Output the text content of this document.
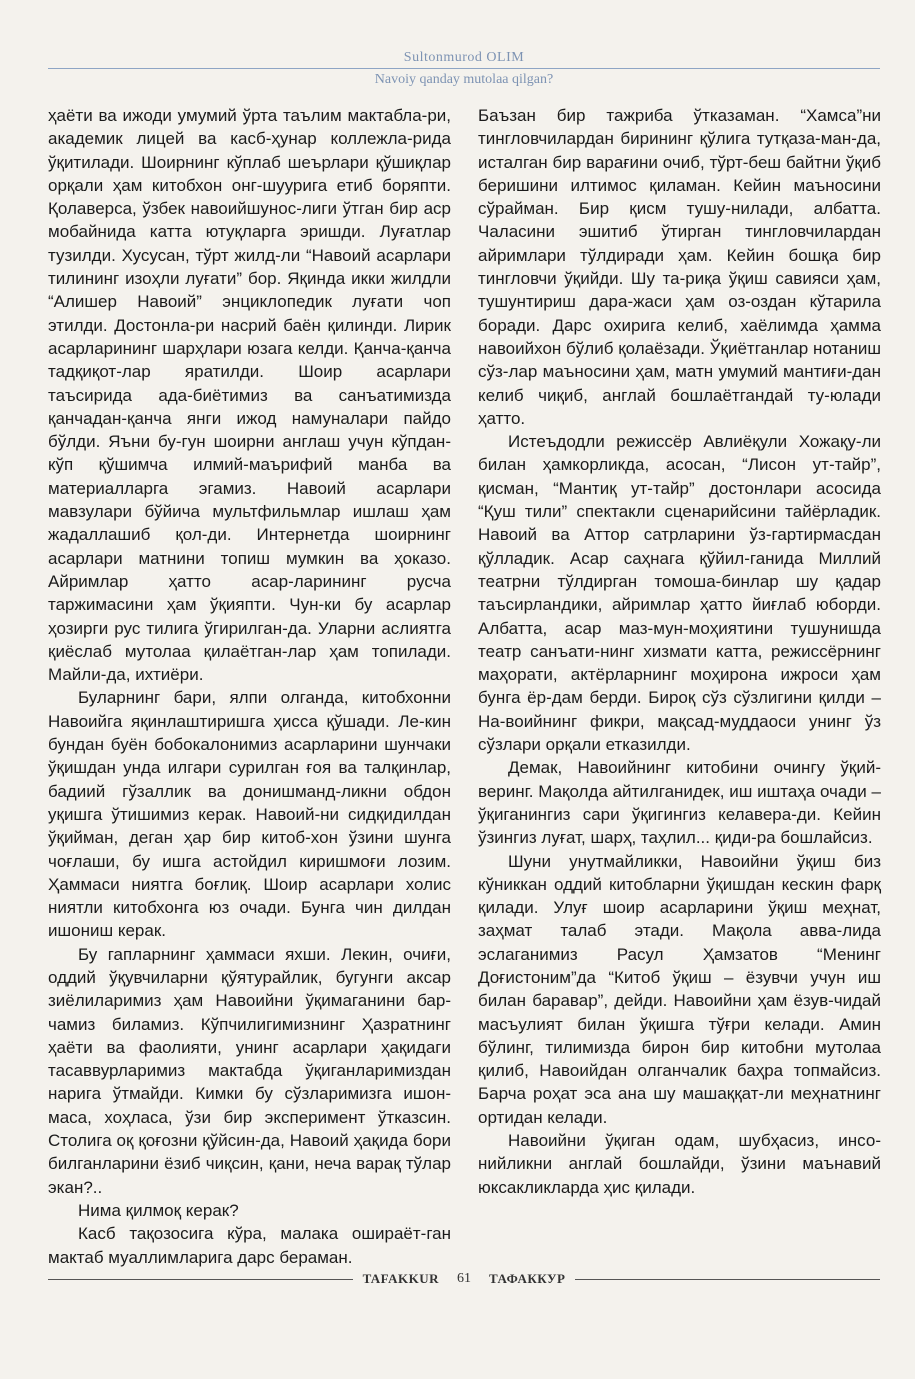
Sultonmurod OLIM
Navoiy qanday mutolaa qilgan?

ҳаёти ва ижоди умумий ўрта таълим мактабла-ри, академик лицей ва касб-ҳунар коллежла-рида ўқитилади. Шоирнинг кўплаб шеърлари қўшиқлар орқали ҳам китобхон онг-шуурига етиб боряпти. Қолаверса, ўзбек навоийшунос-лиги ўтган бир аср мобайнида катта ютуқларга эришди. Луғатлар тузилди. Хусусан, тўрт жилд-ли “Навоий асарлари тилининг изоҳли луғати” бор. Яқинда икки жилдли “Алишер Навоий” энциклопедик луғати чоп этилди. Достонла-ри насрий баён қилинди. Лирик асарларининг шарҳлари юзага келди. Қанча-қанча тадқиқот-лар яратилди. Шоир асарлари таъсирида ада-биётимиз ва санъатимизда қанчадан-қанча янги ижод намуналари пайдо бўлди. Яъни бу-гун шоирни англаш учун кўпдан-кўп қўшимча илмий-маърифий манба ва материалларга эгамиз. Навоий асарлари мавзулари бўйича мультфильмлар ишлаш ҳам жадаллашиб қол-ди. Интернетда шоирнинг асарлари матнини топиш мумкин ва ҳоказо. Айримлар ҳатто асар-ларининг русча таржимасини ҳам ўқияпти. Чун-ки бу асарлар ҳозирги рус тилига ўгирилган-да. Уларни аслиятга қиёслаб мутолаа қилаётган-лар ҳам топилади. Майли-да, ихтиёри.

Буларнинг бари, ялпи олганда, китобхонни Навоийга яқинлаштиришга ҳисса қўшади. Ле-кин бундан буён бобокалонимиз асарларини шунчаки ўқишдан унда илгари сурилган ғоя ва талқинлар, бадиий гўзаллик ва донишманд-ликни обдон уқишга ўтишимиз керак. Навоий-ни сидқидилдан ўқийман, деган ҳар бир китоб-хон ўзини шунга чоғлаши, бу ишга астойдил киришмоғи лозим. Ҳаммаси ниятга боғлиқ. Шоир асарлари холис ниятли китобхонга юз очади. Бунга чин дилдан ишониш керак.

Бу гапларнинг ҳаммаси яхши. Лекин, очиғи, оддий ўқувчиларни қўятурайлик, бугунги аксар зиёлиларимиз ҳам Навоийни ўқимаганини бар-чамиз биламиз. Кўпчилигимизнинг Ҳазратнинг ҳаёти ва фаолияти, унинг асарлари ҳақидаги тасаввурларимиз мактабда ўқиганларимиздан нарига ўтмайди. Кимки бу сўзларимизга ишон-маса, хоҳласа, ўзи бир эксперимент ўтказсин. Столига оқ қоғозни қўйсин-да, Навоий ҳақида бори билганларини ёзиб чиқсин, қани, неча варақ тўлар экан?..

Нима қилмоқ керак?

Касб тақозосига кўра, малака ошираёт-ган мактаб муаллимларига дарс бераман.

Баъзан бир тажриба ўтказаман. “Хамса”ни тингловчилардан бирининг қўлига тутқаза-ман-да, исталган бир варағини очиб, тўрт-беш байтни ўқиб беришини илтимос қиламан. Кейин маъносини сўрайман. Бир қисм тушу-нилади, албатта. Чаласини эшитиб ўтирган тингловчилардан айримлари тўлдиради ҳам. Кейин бошқа бир тингловчи ўқийди. Шу та-риқа ўқиш савияси ҳам, тушунтириш дара-жаси ҳам оз-оздан кўтарила боради. Дарс охирига келиб, хаёлимда ҳамма навоийхон бўлиб қолаёзади. Ўқиётганлар нотаниш сўз-лар маъносини ҳам, матн умумий мантиғи-дан келиб чиқиб, англай бошлаётгандай ту-юлади ҳатто.

Истеъдодли режиссёр Авлиёқули Хожақу-ли билан ҳамкорликда, асосан, “Лисон ут-тайр”, қисман, “Мантиқ ут-тайр” достонлари асосида “Қуш тили” спектакли сценарийсини тайёрладик. Навоий ва Аттор сатрларини ўз-гартирмасдан қўлладик. Асар саҳнага қўйил-ганида Миллий театрни тўлдирган томоша-бинлар шу қадар таъсирландики, айримлар ҳатто йиғлаб юборди. Албатта, асар маз-мун-моҳиятини тушунишда театр санъати-нинг хизмати катта, режиссёрнинг маҳорати, актёрларнинг моҳирона ижроси ҳам бунга ёр-дам берди. Бироқ сўз сўзлигини қилди – На-воийнинг фикри, мақсад-муддаоси унинг ўз сўзлари орқали етказилди.

Демак, Навоийнинг китобини очингу ўқий-веринг. Мақолда айтилганидек, иш иштаҳа очади – ўқиганингиз сари ўқигингиз келавера-ди. Кейин ўзингиз луғат, шарҳ, таҳлил... қиди-ра бошлайсиз.

Шуни унутмайликки, Навоийни ўқиш биз кўниккан оддий китобларни ўқишдан кескин фарқ қилади. Улуғ шоир асарларини ўқиш меҳнат, заҳмат талаб этади. Мақола авва-лида эслаганимиз Расул Ҳамзатов “Менинг Доғистоним”да “Китоб ўқиш – ёзувчи учун иш билан баравар”, дейди. Навоийни ҳам ёзув-чидай масъулият билан ўқишга тўғри келади. Амин бўлинг, тилимизда бирон бир китобни мутолаа қилиб, Навоийдан олганчалик баҳра топмайсиз. Барча роҳат эса ана шу машаққат-ли меҳнатнинг ортидан келади.

Навоийни ўқиган одам, шубҳасиз, инсо-нийликни англай бошлайди, ўзини маънавий юксакликларда ҳис қилади.

TAFAKKUR	61	ТАФАККУР
